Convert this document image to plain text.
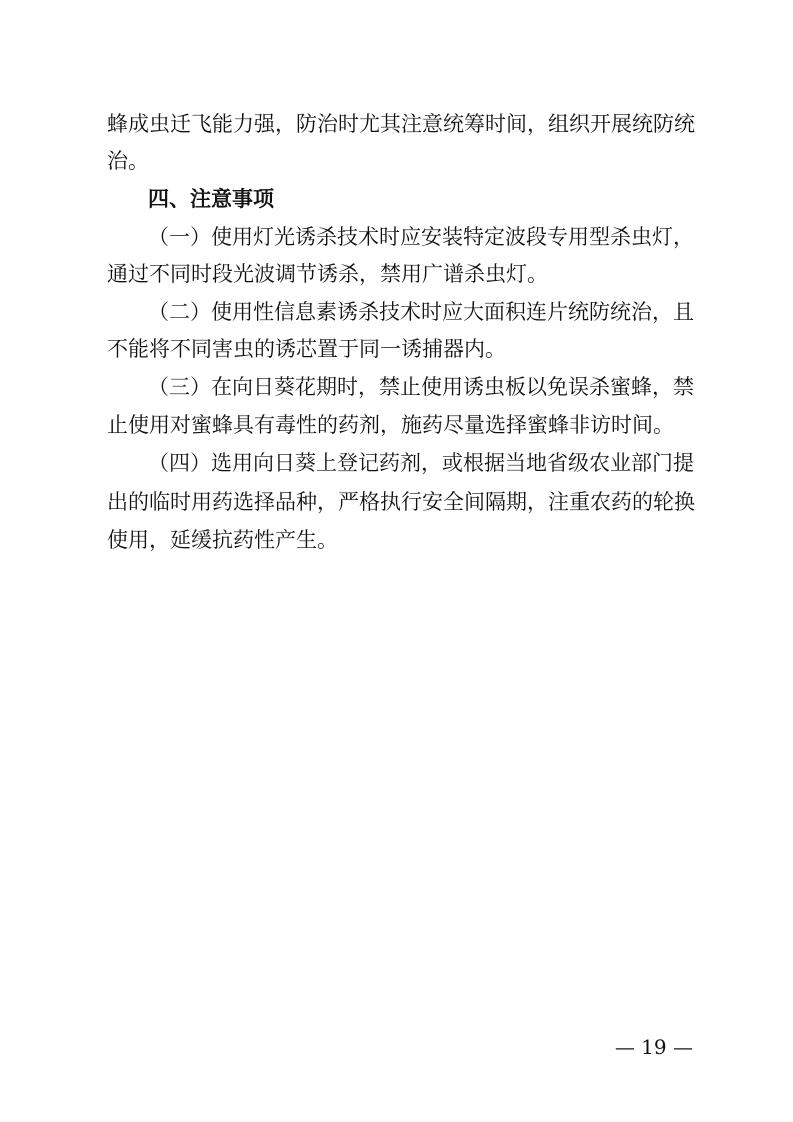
蜂成虫迁飞能力强，防治时尤其注意统筹时间，组织开展统防统
治。
四、注意事项
（一）使用灯光诱杀技术时应安装特定波段专用型杀虫灯，
通过不同时段光波调节诱杀，禁用广谱杀虫灯。
（二）使用性信息素诱杀技术时应大面积连片统防统治，且
不能将不同害虫的诱芯置于同一诱捕器内。
（三）在向日葵花期时，禁止使用诱虫板以免误杀蜜蜂，禁
止使用对蜜蜂具有毒性的药剂，施药尽量选择蜜蜂非访时间。
（四）选用向日葵上登记药剂，或根据当地省级农业部门提
出的临时用药选择品种，严格执行安全间隔期，注重农药的轮换
使用，延缓抗药性产生。
— 19 —
